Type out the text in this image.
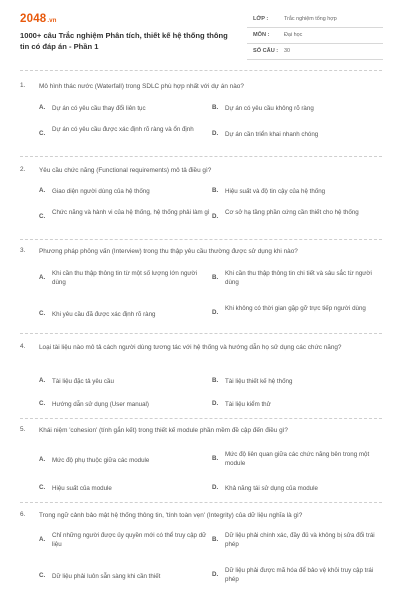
2048.vn
1000+ câu Trắc nghiệm Phân tích, thiết kế hệ thống thông tin có đáp án - Phần 1
LỚP :	Trắc nghiệm tổng hợp
MÔN :	Đại học
SỐ CÂU : 30
1. Mô hình thác nước (Waterfall) trong SDLC phù hợp nhất với dự án nào?
A. Dự án có yêu cầu thay đổi liên tục	B. Dự án có yêu cầu không rõ ràng
C.
Dự án có yêu cầu được xác định rõ ràng và ổn định
D. Dự án cần triển khai nhanh chóng
2. Yêu cầu chức năng (Functional requirements) mô tả điều gì?
A. Giao diện người dùng của hệ thống	B. Hiệu suất và độ tin cậy của hệ thống
C.
Chức năng và hành vi của hệ thống, hệ thống phải làm gì
D.
Cơ sở hạ tầng phần cứng cần thiết cho hệ thống
3. Phương pháp phỏng vấn (Interview) trong thu thập yêu cầu thường được sử dụng khi nào?
A.
Khi cần thu thập thông tin từ một số lượng lớn người dùng
B.
Khi cần thu thập thông tin chi tiết và sâu sắc từ người dùng
C. Khi yêu cầu đã được xác định rõ ràng	D.
Khi không có thời gian gặp gỡ trực tiếp người dùng
4. Loại tài liệu nào mô tả cách người dùng tương tác với hệ thống và hướng dẫn họ sử dụng các chức năng?
A. Tài liệu đặc tả yêu cầu	B. Tài liệu thiết kế hệ thống
C. Hướng dẫn sử dụng (User manual)	D. Tài liệu kiểm thử
5. Khái niệm 'cohesion' (tính gắn kết) trong thiết kế module phần mềm đề cập đến điều gì?
A. Mức độ phụ thuộc giữa các module	B.
Mức độ liên quan giữa các chức năng bên trong một module
C. Hiệu suất của module	D. Khả năng tái sử dụng của module
6. Trong ngữ cảnh bảo mật hệ thống thông tin, 'tính toàn vẹn' (Integrity) của dữ liệu nghĩa là gì?
A.
Chỉ những người được ủy quyền mới có thể truy cập dữ liệu
B.
Dữ liệu phải chính xác, đầy đủ và không bị sửa đổi trái phép
C. Dữ liệu phải luôn sẵn sàng khi cần thiết	D.
Dữ liệu phải được mã hóa để bảo vệ khỏi truy cập trái phép
